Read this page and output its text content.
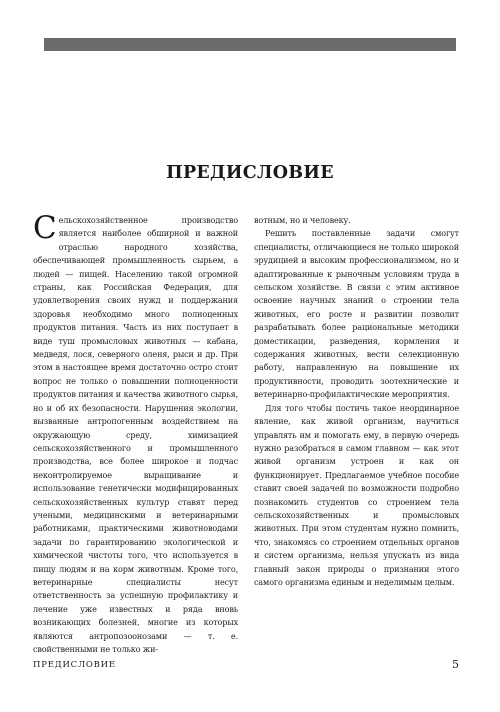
ПРЕДИСЛОВИЕ

Сельскохозяйственное производство является наиболее обширной и важной отраслью народного хозяйства, обеспечивающей промышленность сырьем, а людей — пищей. Населению такой огромной страны, как Российская Федерация, для удовлетворения своих нужд и поддержания здоровья необходимо много полноценных продуктов питания. Часть из них поступает в виде туш промысловых животных — кабана, медведя, лося, северного оленя, рыси и др. При этом в настоящее время достаточно остро стоит вопрос не только о повышении полноценности продуктов питания и качества животного сырья, но и об их безопасности. Нарушения экологии, вызванные антропогенным воздействием на окружающую среду, химизацией сельскохозяйственного и промышленного производства, все более широкое и подчас неконтролируемое выращивание и использование генетически модифицированных сельскохозяйственных культур ставят перед учеными, медицинскими и ветеринарными работниками, практическими животноводами задачи по гарантированию экологической и химической чистоты того, что используется в пищу людям и на корм животным. Кроме того, ветеринарные специалисты несут ответственность за успешную профилактику и лечение уже известных и ряда вновь возникающих болезней, многие из которых являются антропозоонозами — т. е. свойственными не только жи-

вотным, но и человеку.

Решить поставленные задачи смогут специалисты, отличающиеся не только широкой эрудицией и высоким профессионализмом, но и адаптированные к рыночным условиям труда в сельском хозяйстве. В связи с этим активное освоение научных знаний о строении тела животных, его росте и развитии позволит разрабатывать более рациональные методики доместикации, разведения, кормления и содержания животных, вести селекционную работу, направленную на повышение их продуктивности, проводить зоотехнические и ветеринарно-профилактические мероприятия.

Для того чтобы постичь такое неординарное явление, как живой организм, научиться управлять им и помогать ему, в первую очередь нужно разобраться в самом главном — как этот живой организм устроен и как он функционирует. Предлагаемое учебное пособие ставит своей задачей по возможности подробно познакомить студентов со строением тела сельскохозяйственных и промысловых животных. При этом студентам нужно помнить, что, знакомясь со строением отдельных органов и систем организма, нельзя упускать из вида главный закон природы о признании этого самого организма единым и неделимым целым.

ПРЕДИСЛОВИЕ	5
